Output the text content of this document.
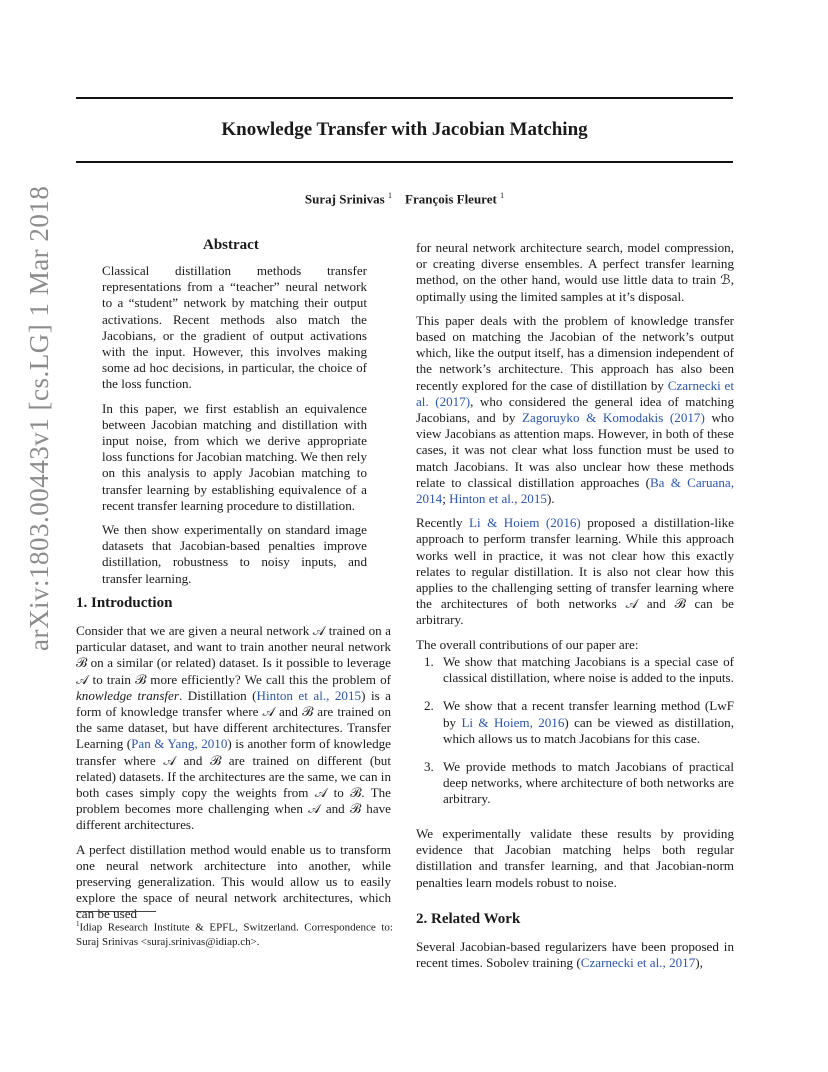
arXiv:1803.00443v1 [cs.LG] 1 Mar 2018
Knowledge Transfer with Jacobian Matching
Suraj Srinivas $^1$ François Fleuret $^1$
Abstract

Classical distillation methods transfer representations from a “teacher” neural network to a “student” network by matching their output activations. Recent methods also match the Jacobians, or the gradient of output activations with the input. However, this involves making some ad hoc decisions, in particular, the choice of the loss function.

In this paper, we first establish an equivalence between Jacobian matching and distillation with input noise, from which we derive appropriate loss functions for Jacobian matching. We then rely on this analysis to apply Jacobian matching to transfer learning by establishing equivalence of a recent transfer learning procedure to distillation.

We then show experimentally on standard image datasets that Jacobian-based penalties improve distillation, robustness to noisy inputs, and transfer learning.

1. Introduction

Consider that we are given a neural network 𝒜 trained on a particular dataset, and want to train another neural network ℬ on a similar (or related) dataset. Is it possible to leverage 𝒜 to train ℬ more efficiently? We call this the problem of knowledge transfer. Distillation (Hinton et al., 2015) is a form of knowledge transfer where 𝒜 and ℬ are trained on the same dataset, but have different architectures. Transfer Learning (Pan & Yang, 2010) is another form of knowledge transfer where 𝒜 and ℬ are trained on different (but related) datasets. If the architectures are the same, we can in both cases simply copy the weights from 𝒜 to ℬ. The problem becomes more challenging when 𝒜 and ℬ have different architectures.

A perfect distillation method would enable us to transform one neural network architecture into another, while preserving generalization. This would allow us to easily explore the space of neural network architectures, which can be used

$^1$Idiap Research Institute & EPFL, Switzerland. Correspondence to: Suraj Srinivas <suraj.srinivas@idiap.ch>.

for neural network architecture search, model compression, or creating diverse ensembles. A perfect transfer learning method, on the other hand, would use little data to train ℬ, optimally using the limited samples at it’s disposal.

This paper deals with the problem of knowledge transfer based on matching the Jacobian of the network’s output which, like the output itself, has a dimension independent of the network’s architecture. This approach has also been recently explored for the case of distillation by Czarnecki et al. (2017), who considered the general idea of matching Jacobians, and by Zagoruyko & Komodakis (2017) who view Jacobians as attention maps. However, in both of these cases, it was not clear what loss function must be used to match Jacobians. It was also unclear how these methods relate to classical distillation approaches (Ba & Caruana, 2014; Hinton et al., 2015).

Recently Li & Hoiem (2016) proposed a distillation-like approach to perform transfer learning. While this approach works well in practice, it was not clear how this exactly relates to regular distillation. It is also not clear how this applies to the challenging setting of transfer learning where the architectures of both networks 𝒜 and ℬ can be arbitrary.

The overall contributions of our paper are:

1. We show that matching Jacobians is a special case of classical distillation, where noise is added to the inputs.
2. We show that a recent transfer learning method (LwF by Li & Hoiem, 2016) can be viewed as distillation, which allows us to match Jacobians for this case.
3. We provide methods to match Jacobians of practical deep networks, where architecture of both networks are arbitrary.

We experimentally validate these results by providing evidence that Jacobian matching helps both regular distillation and transfer learning, and that Jacobian-norm penalties learn models robust to noise.

2. Related Work

Several Jacobian-based regularizers have been proposed in recent times. Sobolev training (Czarnecki et al., 2017),
